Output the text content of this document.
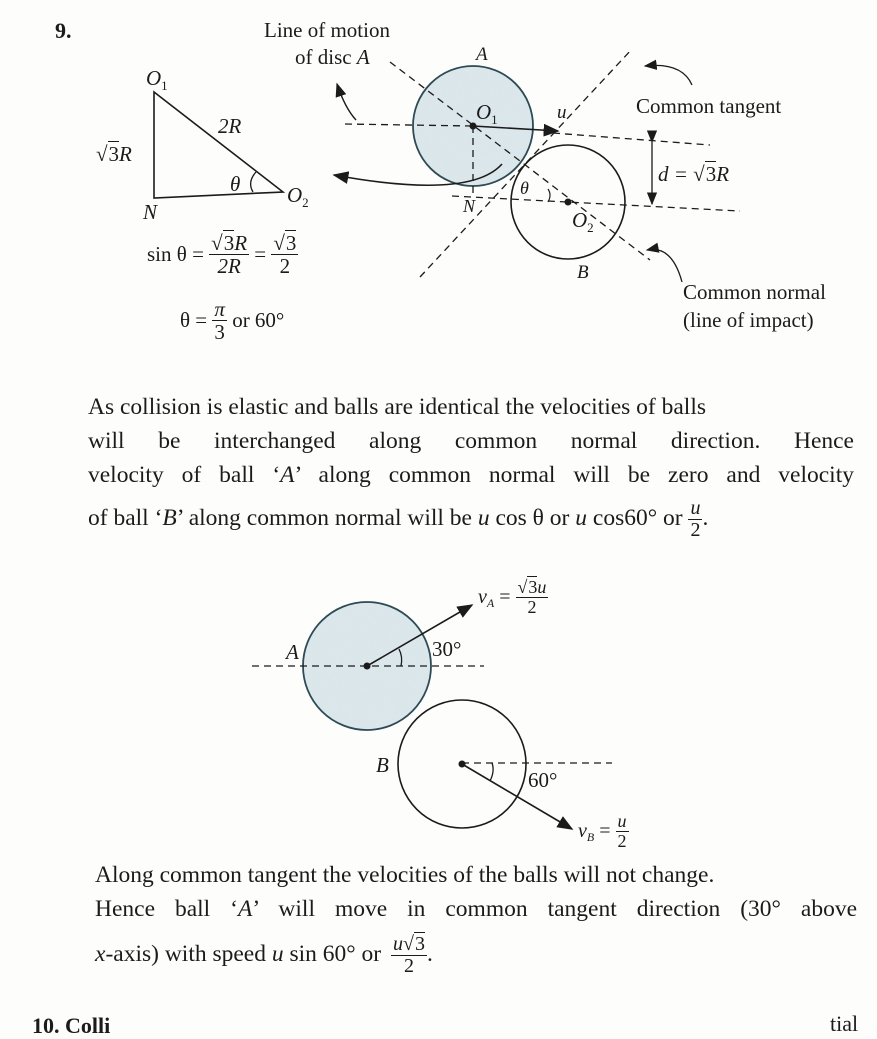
9.
$O_1$
2R
√3R
θ $O_2$
N
$\sin \theta = \frac{√3R}{2R} = \frac{√3}{2}$
$\theta = \frac{\pi}{3}$ or 60°
Line of motion
of disc A	A
$O_1$	u	Common tangent
d = √3R
θ
N
$O_2$
B
Common normal
(line of impact)
As collision is elastic and balls are identical the velocities of balls
will be interchanged along common normal direction. Hence
velocity of ball ‘A’ along common normal will be zero and velocity
of ball ‘B’ along common normal will be u cos θ or u cos60° or $\frac{u}{2}$ .
A	30°
$v_A = \frac{√3u}{2}$
B
60°
$v_B = \frac{u}{2}$
Along common tangent the velocities of the balls will not change.
Hence ball ‘A’ will move in common tangent direction (30° above
x-axis) with speed u sin 60° or $\frac{u√3}{2}$ .
10. Colli	tial
